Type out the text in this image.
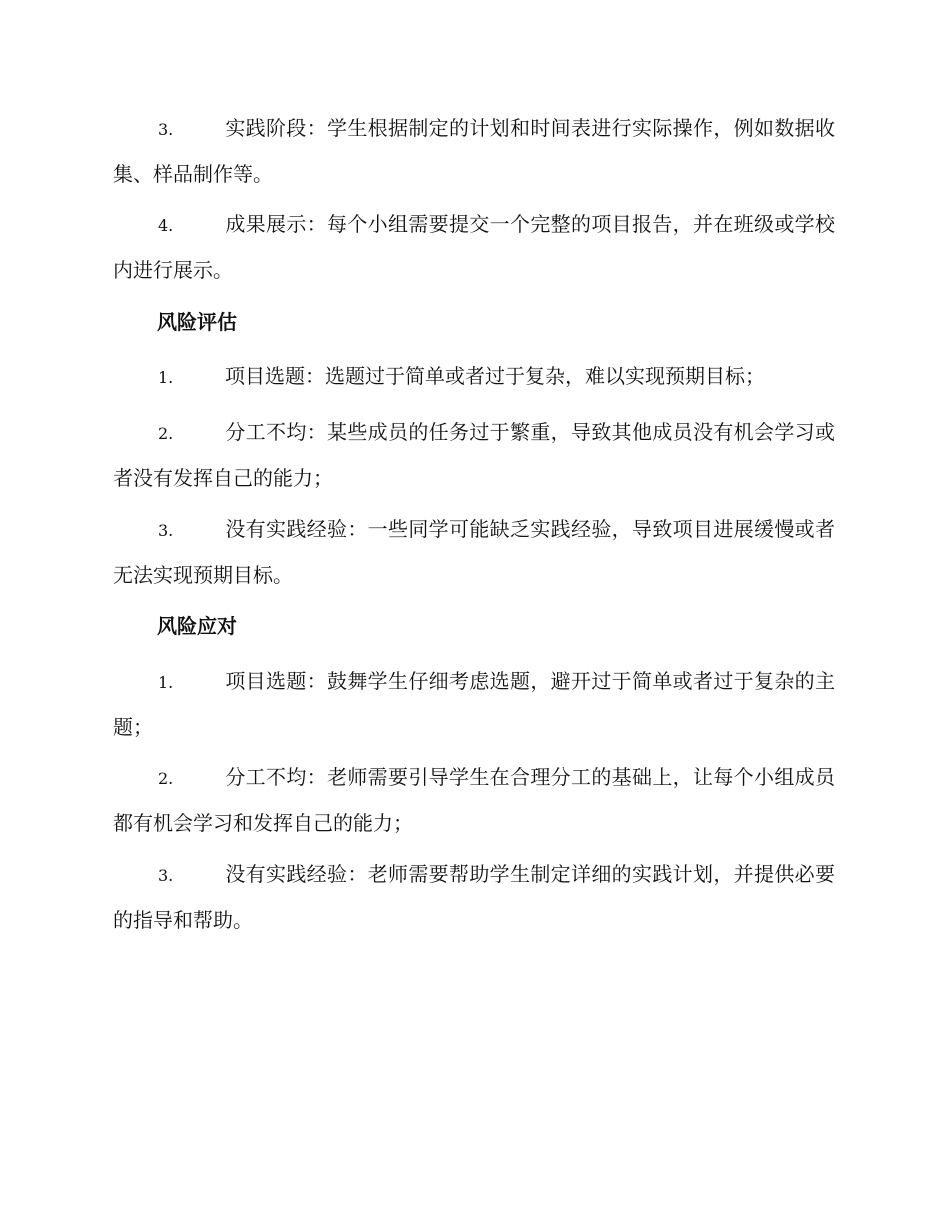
3.	实践阶段：学生根据制定的计划和时间表进行实际操作，例如数据收集、样品制作等。

4.	成果展示：每个小组需要提交一个完整的项目报告，并在班级或学校内进行展示。

风险评估

1.	项目选题：选题过于简单或者过于复杂，难以实现预期目标；

2.	分工不均：某些成员的任务过于繁重，导致其他成员没有机会学习或者没有发挥自己的能力；

3.	没有实践经验：一些同学可能缺乏实践经验，导致项目进展缓慢或者无法实现预期目标。

风险应对

1.	项目选题：鼓舞学生仔细考虑选题，避开过于简单或者过于复杂的主题；

2.	分工不均：老师需要引导学生在合理分工的基础上，让每个小组成员都有机会学习和发挥自己的能力；

3.	没有实践经验：老师需要帮助学生制定详细的实践计划，并提供必要的指导和帮助。
